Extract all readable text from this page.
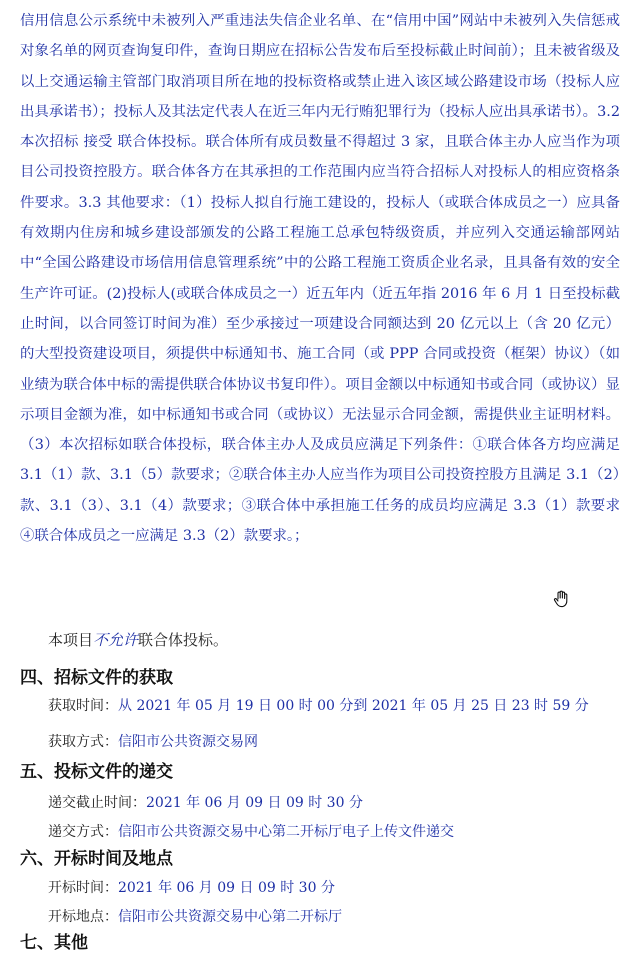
信用信息公示系统中未被列入严重违法失信企业名单、在“信用中国”网站中未被列入失信惩戒对象名单的网页查询复印件，查询日期应在招标公告发布后至投标截止时间前）；且未被省级及以上交通运输主管部门取消项目所在地的投标资格或禁止进入该区域公路建设市场（投标人应出具承诺书）；投标人及其法定代表人在近三年内无行贿犯罪行为（投标人应出具承诺书）。3.2 本次招标 接受 联合体投标。联合体所有成员数量不得超过 3 家，且联合体主办人应当作为项目公司投资控股方。联合体各方在其承担的工作范围内应当符合招标人对投标人的相应资格条件要求。3.3 其他要求：（1）投标人拟自行施工建设的，投标人（或联合体成员之一）应具备有效期内住房和城乡建设部颁发的公路工程施工总承包特级资质，并应列入交通运输部网站中“全国公路建设市场信用信息管理系统”中的公路工程施工资质企业名录，且具备有效的安全生产许可证。(2)投标人(或联合体成员之一）近五年内（近五年指 2016 年 6 月 1 日至投标截止时间，以合同签订时间为准）至少承接过一项建设合同额达到 20 亿元以上（含 20 亿元）的大型投资建设项目，须提供中标通知书、施工合同（或 PPP 合同或投资（框架）协议）（如业绩为联合体中标的需提供联合体协议书复印件）。项目金额以中标通知书或合同（或协议）显示项目金额为准，如中标通知书或合同（或协议）无法显示合同金额，需提供业主证明材料。（3）本次招标如联合体投标，联合体主办人及成员应满足下列条件：①联合体各方均应满足 3.1（1）款、3.1（5）款要求；②联合体主办人应当作为项目公司投资控股方且满足 3.1（2）款、3.1（3）、3.1（4）款要求；③联合体中承担施工任务的成员均应满足 3.3（1）款要求 ④联合体成员之一应满足 3.3（2）款要求。；

本项目不允许联合体投标。

四、招标文件的获取

获取时间：从 2021 年 05 月 19 日 00 时 00 分到 2021 年 05 月 25 日 23 时 59 分

获取方式：信阳市公共资源交易网

五、投标文件的递交

递交截止时间：2021 年 06 月 09 日 09 时 30 分

递交方式：信阳市公共资源交易中心第二开标厅电子上传文件递交

六、开标时间及地点

开标时间：2021 年 06 月 09 日 09 时 30 分

开标地点：信阳市公共资源交易中心第二开标厅

七、其他
